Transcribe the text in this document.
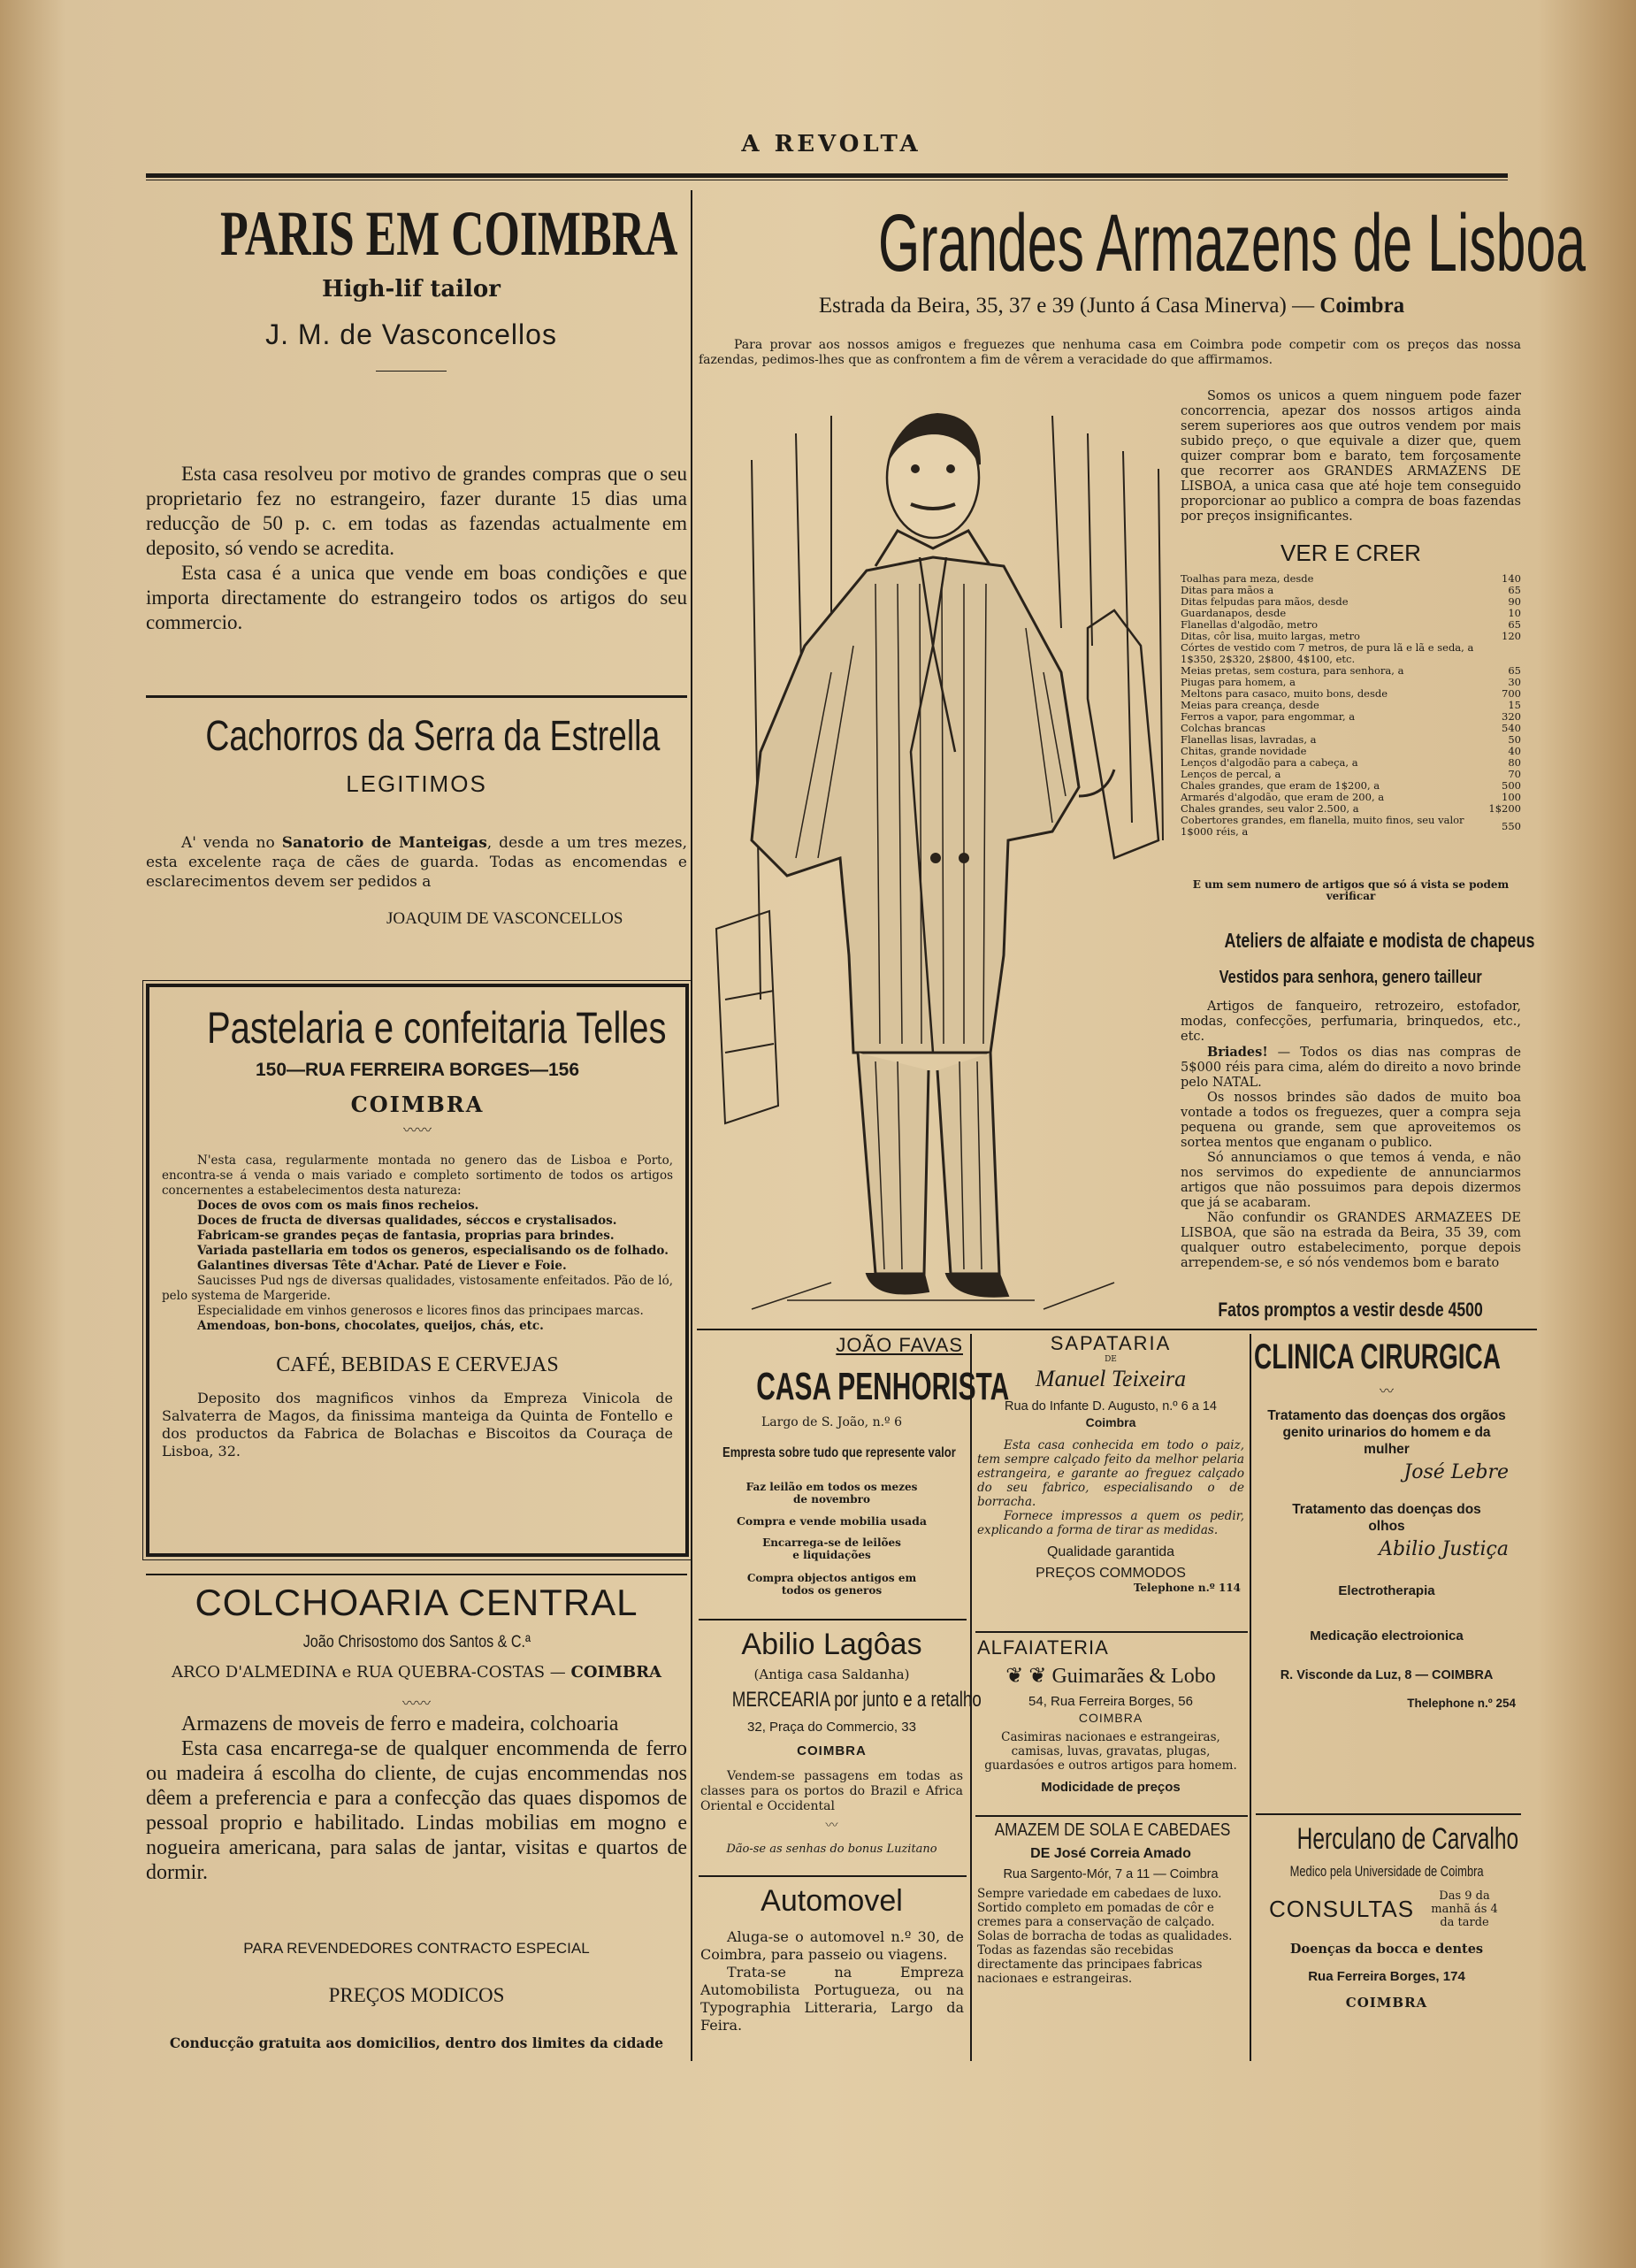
A REVOLTA
PARIS EM COIMBRA
High-lif tailor
J. M. de Vasconcellos
Esta casa resolveu por motivo de grandes compras que o seu proprietario fez no estrangeiro, fazer durante 15 dias uma reducção de 50 p. c. em todas as fazendas actualmente em deposito, só vendo se acredita.
Esta casa é a unica que vende em boas condições e que importa directamente do estrangeiro todos os artigos do seu commercio.
Cachorros da Serra da Estrella
LEGITIMOS
A' venda no Sanatorio de Manteigas, desde a um tres mezes, esta excelente raça de cães de guarda. Todas as encomendas e esclarecimentos devem ser pedidos a
JOAQUIM DE VASCONCELLOS
Pastelaria e confeitaria Telles
150—RUA FERREIRA BORGES—156
COIMBRA
〰〰
N'esta casa, regularmente montada no genero das de Lisboa e Porto, encontra-se á venda o mais variado e completo sortimento de todos os artigos concernentes a estabelecimentos desta natureza:
Doces de ovos com os mais finos recheios.
Doces de fructa de diversas qualidades, séccos e crystalisados.
Fabricam-se grandes peças de fantasia, proprias para brindes.
Variada pastellaria em todos os generos, especialisando os de folhado.
Galantines diversas Tête d'Achar. Paté de Liever e Foie.
Saucisses Pud ngs de diversas qualidades, vistosamente enfeitados. Pão de ló, pelo systema de Margeride.
Especialidade em vinhos generosos e licores finos das principaes marcas.
Amendoas, bon-bons, chocolates, queijos, chás, etc.
CAFÉ, BEBIDAS E CERVEJAS
Deposito dos magnificos vinhos da Empreza Vinicola de Salvaterra de Magos, da finissima manteiga da Quinta de Fontello e dos productos da Fabrica de Bolachas e Biscoitos da Couraça de Lisboa, 32.
COLCHOARIA CENTRAL
João Chrisostomo dos Santos & C.ª
ARCO D'ALMEDINA e RUA QUEBRA-COSTAS — COIMBRA
〰〰
Armazens de moveis de ferro e madeira, colchoaria
Esta casa encarrega-se de qualquer encommenda de ferro ou madeira á escolha do cliente, de cujas encommendas nos dêem a preferencia e para a confecção das quaes dispomos de pessoal proprio e habilitado. Lindas mobilias em mogno e nogueira americana, para salas de jantar, visitas e quartos de dormir.
PARA REVENDEDORES CONTRACTO ESPECIAL
PREÇOS MODICOS
Conducção gratuita aos domicilios, dentro dos limites da cidade
Grandes Armazens de Lisboa
Estrada da Beira, 35, 37 e 39 (Junto á Casa Minerva) — Coimbra
Para provar aos nossos amigos e freguezes que nenhuma casa em Coimbra pode competir com os preços das nossa fazendas, pedimos-lhes que as confrontem a fim de vêrem a veracidade do que affirmamos.
Somos os unicos a quem ninguem pode fazer concorrencia, apezar dos nossos artigos ainda serem superiores aos que outros vendem por mais subido preço, o que equivale a dizer que, quem quizer comprar bom e barato, tem forçosamente que recorrer aos GRANDES ARMAZENS DE LISBOA, a unica casa que até hoje tem conseguido proporcionar ao publico a compra de boas fazendas por preços insignificantes.
VER E CRER
Toalhas para meza, desde	140
Ditas para mãos a	65
Ditas felpudas para mãos, desde	90
Guardanapos, desde	10
Flanellas d'algodão, metro	65
Ditas, côr lisa, muito largas, metro	120
Córtes de vestido com 7 metros, de pura lã e lã e seda, a 1$350, 2$320, 2$800, 4$100, etc.	
Meias pretas, sem costura, para senhora, a	65
Piugas para homem, a	30
Meltons para casaco, muito bons, desde	700
Meias para creança, desde	15
Ferros a vapor, para engommar, a	320
Colchas brancas	540
Flanellas lisas, lavradas, a	50
Chitas, grande novidade	40
Lenços d'algodão para a cabeça, a	80
Lenços de percal, a	70
Chales grandes, que eram de 1$200, a	500
Armarés d'algodão, que eram de 200, a	100
Chales grandes, seu valor 2.500, a	1$200
Cobertores grandes, em flanella, muito finos, seu valor 1$000 réis, a	550
E um sem numero de artigos que só á vista se podem verificar
Ateliers de alfaiate e modista de chapeus
Vestidos para senhora, genero tailleur
Artigos de fanqueiro, retrozeiro, estofador, modas, confecções, perfumaria, brinquedos, etc., etc.
Briades! — Todos os dias nas compras de 5$000 réis para cima, além do direito a novo brinde pelo NATAL.
Os nossos brindes são dados de muito boa vontade a todos os freguezes, quer a compra seja pequena ou grande, sem que aproveitemos os sortea mentos que enganam o publico.
Só annunciamos o que temos á venda, e não nos servimos do expediente de annunciarmos artigos que não possuimos para depois dizermos que já se acabaram.
Não confundir os GRANDES ARMAZEES DE LISBOA, que são na estrada da Beira, 35 39, com qualquer outro estabelecimento, porque depois arrependem-se, e só nós vendemos bom e barato
Fatos promptos a vestir desde 4500
JOÃO FAVAS
CASA PENHORISTA
Largo de S. João, n.º 6
Empresta sobre tudo que represente valor
Faz leilão em todos os mezes de novembro
Compra e vende mobilia usada
Encarrega-se de leilões e liquidações
Compra objectos antigos em todos os generos
Abilio Lagôas
(Antiga casa Saldanha)
MERCEARIA por junto e a retalho
32, Praça do Commercio, 33
COIMBRA
Vendem-se passagens em todas as classes para os portos do Brazil e Africa Oriental e Occidental
〰
Dão-se as senhas do bonus Luzitano
Automovel
Aluga-se o automovel n.º 30, de Coimbra, para passeio ou viagens.
Trata-se na Empreza Automobilista Portugueza, ou na Typographia Litteraria, Largo da Feira.
SAPATARIA
DE
Manuel Teixeira
Rua do Infante D. Augusto, n.º 6 a 14
Coimbra
Esta casa conhecida em todo o paiz, tem sempre calçado feito da melhor pelaria estrangeira, e garante ao freguez calçado do seu fabrico, especialisando o de borracha.
Fornece impressos a quem os pedir, explicando a forma de tirar as medidas.
Qualidade garantida
PREÇOS COMMODOS
Telephone n.º 114
ALFAIATERIA
❦ ❦ Guimarães & Lobo
54, Rua Ferreira Borges, 56
COIMBRA
Casimiras nacionaes e estrangeiras, camisas, luvas, gravatas, plugas, guardasóes e outros artigos para homem.
Modicidade de preços
AMAZEM DE SOLA E CABEDAES
DE José Correia Amado
Rua Sargento-Mór, 7 a 11 — Coimbra
Sempre variedade em cabedaes de luxo.
Sortido completo em pomadas de côr e cremes para a conservação de calçado.
Solas de borracha de todas as qualidades.
Todas as fazendas são recebidas directamente das principaes fabricas nacionaes e estrangeiras.
CLINICA CIRURGICA
〰
Tratamento das doenças dos orgãos genito urinarios do homem e da mulher
José Lebre
Tratamento das doenças dos olhos
Abilio Justiça
Electrotherapia
Medicação electroionica
R. Visconde da Luz, 8 — COIMBRA
Thelephone n.º 254
Herculano de Carvalho
Medico pela Universidade de Coimbra
CONSULTAS	Das 9 da manhã ás 4 da tarde
Doenças da bocca e dentes
Rua Ferreira Borges, 174
COIMBRA
